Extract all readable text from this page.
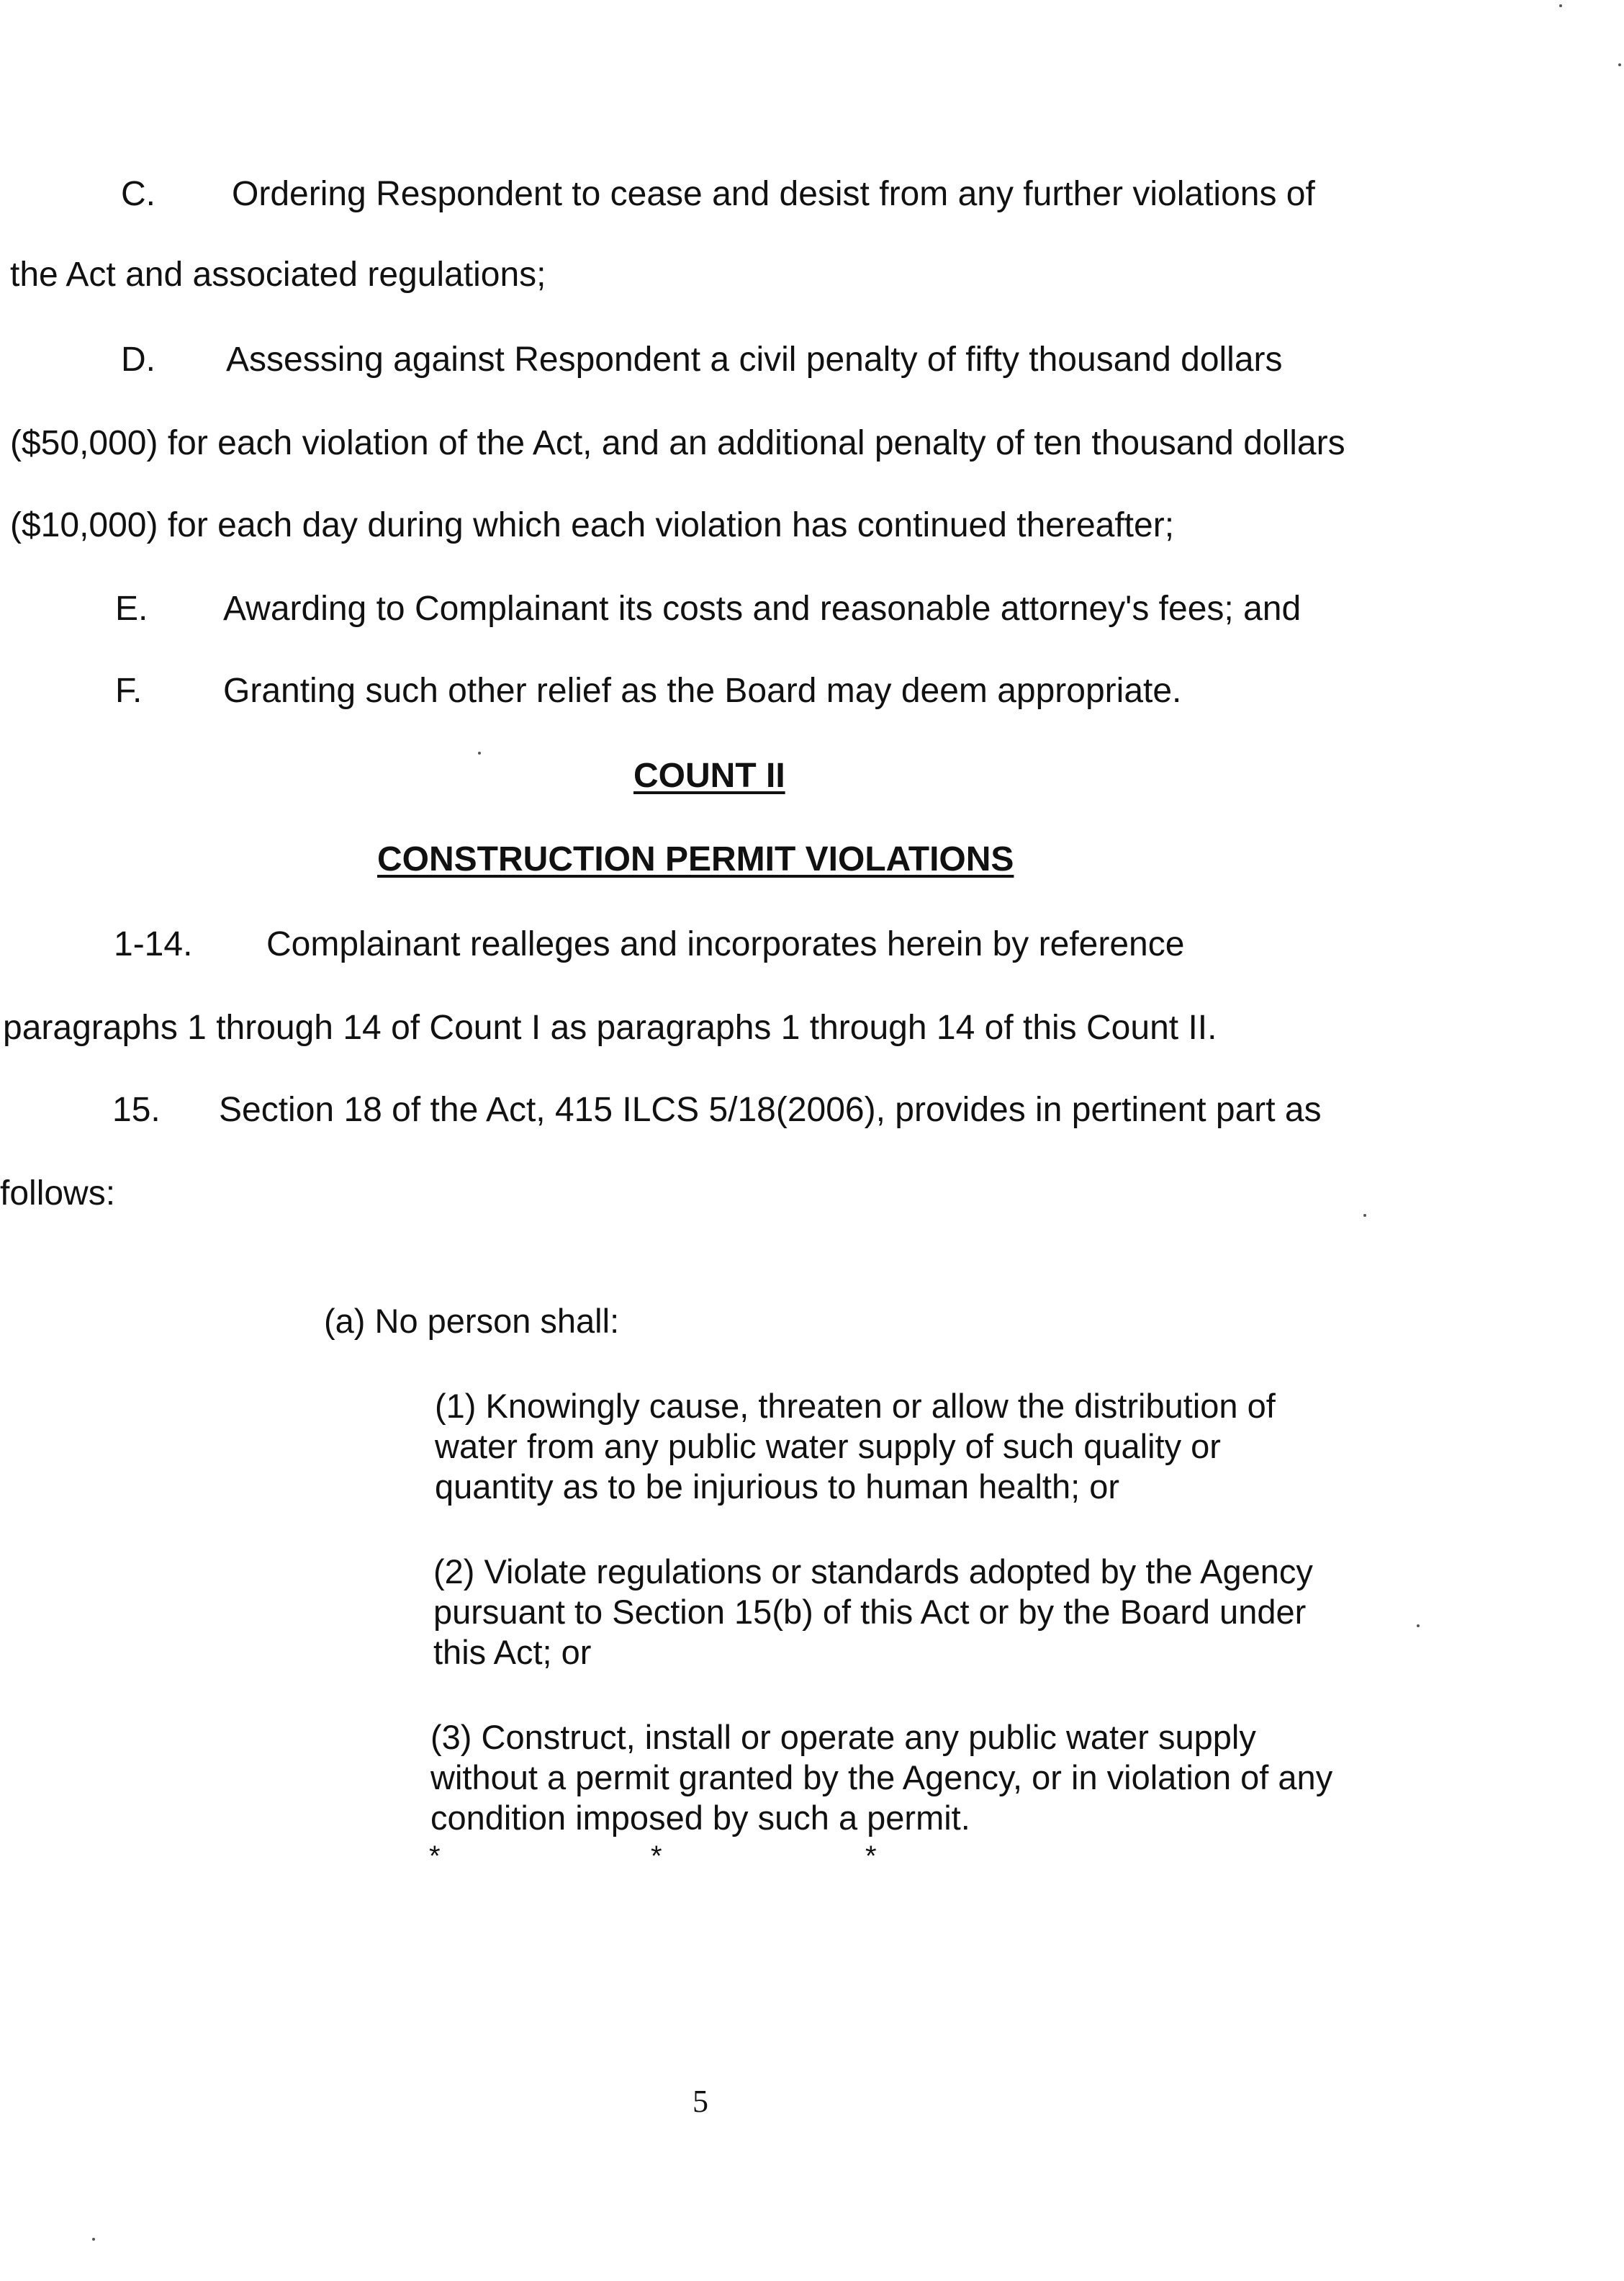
C. Ordering Respondent to cease and desist from any further violations of
the Act and associated regulations;
D. Assessing against Respondent a civil penalty of fifty thousand dollars
($50,000) for each violation of the Act, and an additional penalty of ten thousand dollars
($10,000) for each day during which each violation has continued thereafter;
E. Awarding to Complainant its costs and reasonable attorney's fees; and
F. Granting such other relief as the Board may deem appropriate.
COUNT II
CONSTRUCTION PERMIT VIOLATIONS
1-14. Complainant realleges and incorporates herein by reference
paragraphs 1 through 14 of Count I as paragraphs 1 through 14 of this Count II.
15. Section 18 of the Act, 415 ILCS 5/18(2006), provides in pertinent part as
follows:
(a) No person shall:
(1) Knowingly cause, threaten or allow the distribution of
water from any public water supply of such quality or
quantity as to be injurious to human health; or
(2) Violate regulations or standards adopted by the Agency
pursuant to Section 15(b) of this Act or by the Board under
this Act; or
(3) Construct, install or operate any public water supply
without a permit granted by the Agency, or in violation of any
condition imposed by such a permit.
*	*	*
5
